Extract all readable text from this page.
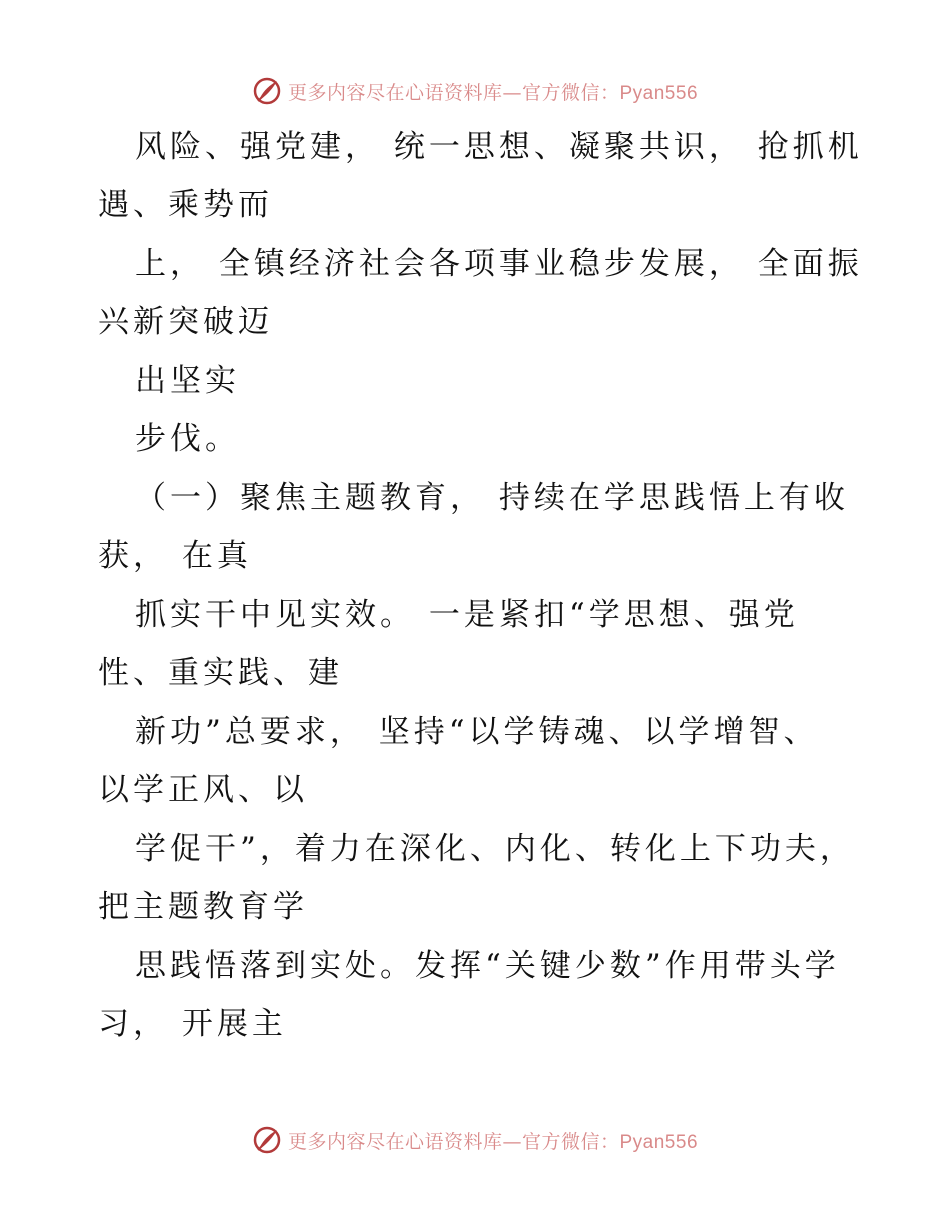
更多内容尽在心语资料库—官方微信：Pyan556
风险、强党建， 统一思想、凝聚共识， 抢抓机
遇、乘势而
上， 全镇经济社会各项事业稳步发展， 全面振
兴新突破迈
出坚实
步伐。
（一）聚焦主题教育， 持续在学思践悟上有收
获， 在真
抓实干中见实效。 一是紧扣“学思想、强党
性、重实践、建
新功”总要求， 坚持“以学铸魂、以学增智、
以学正风、以
学促干”，着力在深化、内化、转化上下功夫，
把主题教育学
思践悟落到实处。发挥“关键少数”作用带头学
习， 开展主
更多内容尽在心语资料库—官方微信：Pyan556
